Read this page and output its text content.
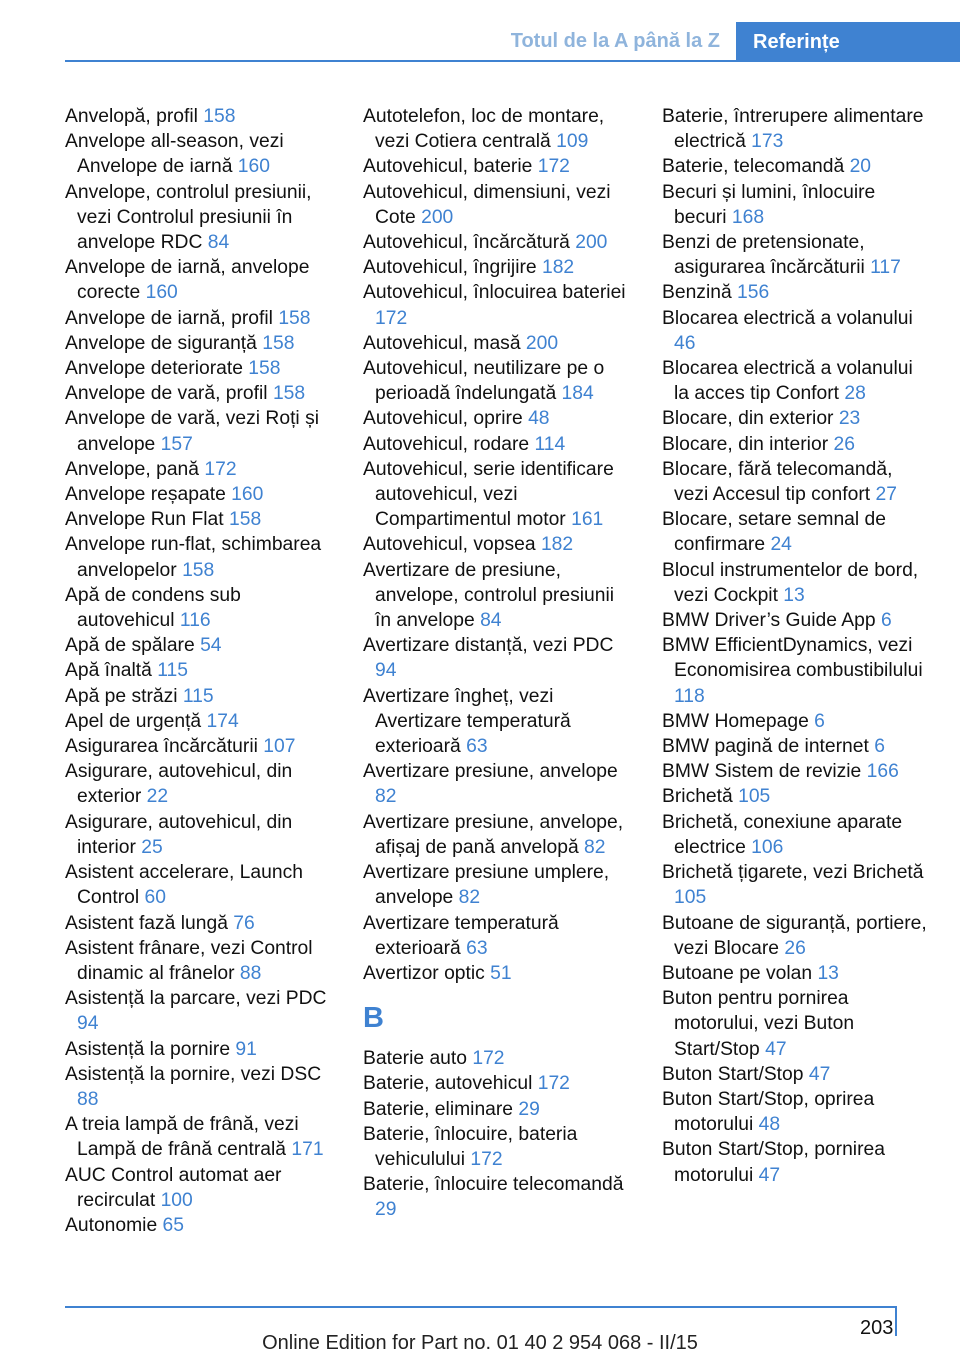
Totul de la A până la Z	Referințe
Anvelopă, profil 158
Anvelope all-season, vezi Anvelope de iarnă 160
Anvelope, controlul presiunii, vezi Controlul presiunii în anvelope RDC 84
Anvelope de iarnă, anvelope corecte 160
Anvelope de iarnă, profil 158
Anvelope de siguranță 158
Anvelope deteriorate 158
Anvelope de vară, profil 158
Anvelope de vară, vezi Roți și anvelope 157
Anvelope, pană 172
Anvelope reșapate 160
Anvelope Run Flat 158
Anvelope run-flat, schimbarea anvelopelor 158
Apă de condens sub autovehicul 116
Apă de spălare 54
Apă înaltă 115
Apă pe străzi 115
Apel de urgență 174
Asigurarea încărcăturii 107
Asigurare, autovehicul, din exterior 22
Asigurare, autovehicul, din interior 25
Asistent accelerare, Launch Control 60
Asistent fază lungă 76
Asistent frânare, vezi Control dinamic al frânelor 88
Asistență la parcare, vezi PDC 94
Asistență la pornire 91
Asistență la pornire, vezi DSC 88
A treia lampă de frână, vezi Lampă de frână centrală 171
AUC Control automat aer recirculat 100
Autonomie 65
Autotelefon, loc de montare, vezi Cotiera centrală 109
Autovehicul, baterie 172
Autovehicul, dimensiuni, vezi Cote 200
Autovehicul, încărcătură 200
Autovehicul, îngrijire 182
Autovehicul, înlocuirea bateriei 172
Autovehicul, masă 200
Autovehicul, neutilizare pe o perioadă îndelungată 184
Autovehicul, oprire 48
Autovehicul, rodare 114
Autovehicul, serie identificare autovehicul, vezi Compartimentul motor 161
Autovehicul, vopsea 182
Avertizare de presiune, anvelope, controlul presiunii în anvelope 84
Avertizare distanță, vezi PDC 94
Avertizare îngheț, vezi Avertizare temperatură exterioară 63
Avertizare presiune, anvelope 82
Avertizare presiune, anvelope, afișaj de pană anvelopă 82
Avertizare presiune umplere, anvelope 82
Avertizare temperatură exterioară 63
Avertizor optic 51
B
Baterie auto 172
Baterie, autovehicul 172
Baterie, eliminare 29
Baterie, înlocuire, bateria vehiculului 172
Baterie, înlocuire telecomandă 29
Baterie, întrerupere alimentare electrică 173
Baterie, telecomandă 20
Becuri și lumini, înlocuire becuri 168
Benzi de pretensionate, asigurarea încărcăturii 117
Benzină 156
Blocarea electrică a volanului 46
Blocarea electrică a volanului la acces tip Confort 28
Blocare, din exterior 23
Blocare, din interior 26
Blocare, fără telecomandă, vezi Accesul tip confort 27
Blocare, setare semnal de confirmare 24
Blocul instrumentelor de bord, vezi Cockpit 13
BMW Driver’s Guide App 6
BMW EfficientDynamics, vezi Economisirea combustibilului 118
BMW Homepage 6
BMW pagină de internet 6
BMW Sistem de revizie 166
Brichetă 105
Brichetă, conexiune aparate electrice 106
Brichetă țigarete, vezi Brichetă 105
Butoane de siguranță, portiere, vezi Blocare 26
Butoane pe volan 13
Buton pentru pornirea motorului, vezi Buton Start/Stop 47
Buton Start/Stop 47
Buton Start/Stop, oprirea motorului 48
Buton Start/Stop, pornirea motorului 47
203
Online Edition for Part no. 01 40 2 954 068 - II/15
